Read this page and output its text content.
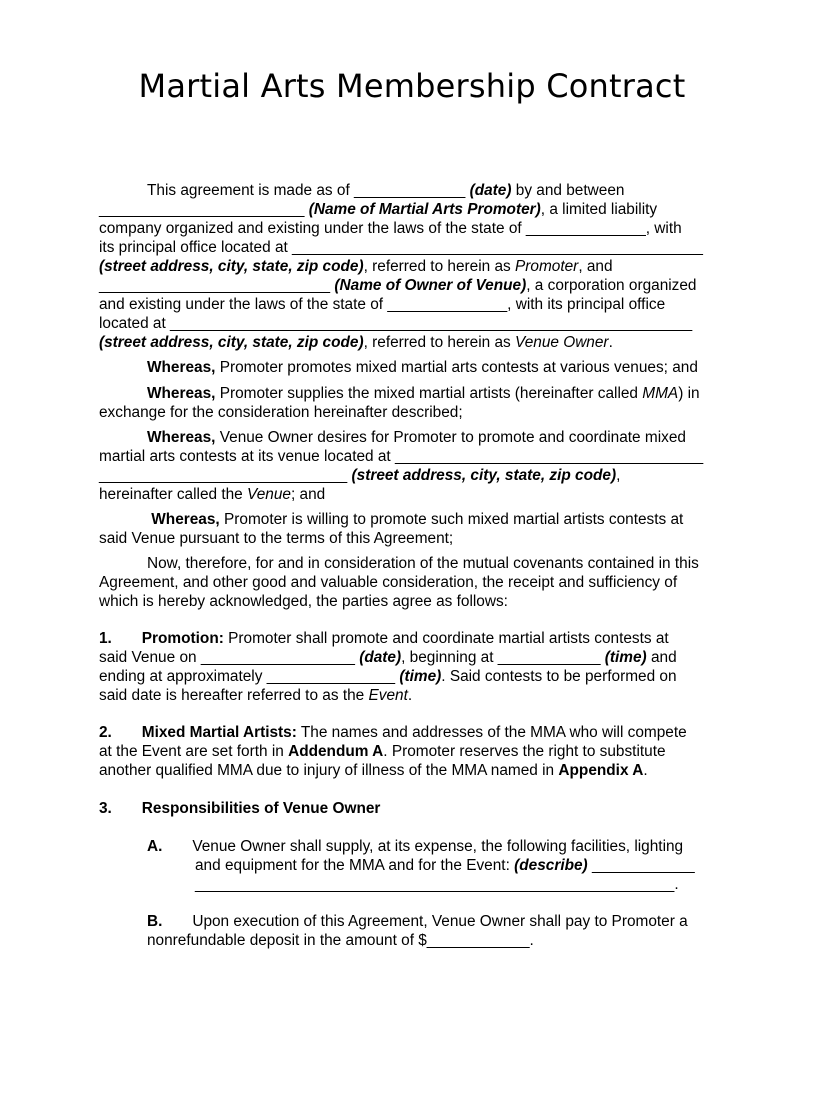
Martial Arts Membership Contract
This agreement is made as of _____________ (date) by and between
________________________ (Name of Martial Arts Promoter), a limited liability
company organized and existing under the laws of the state of ______________, with
its principal office located at ________________________________________________
(street address, city, state, zip code), referred to herein as Promoter, and
___________________________ (Name of Owner of Venue), a corporation organized
and existing under the laws of the state of ______________, with its principal office
located at _____________________________________________________________
(street address, city, state, zip code), referred to herein as Venue Owner.
Whereas, Promoter promotes mixed martial arts contests at various venues; and
Whereas, Promoter supplies the mixed martial artists (hereinafter called MMA) in
exchange for the consideration hereinafter described;
Whereas, Venue Owner desires for Promoter to promote and coordinate mixed
martial arts contests at its venue located at ____________________________________
_____________________________ (street address, city, state, zip code),
hereinafter called the Venue; and
Whereas, Promoter is willing to promote such mixed martial artists contests at
said Venue pursuant to the terms of this Agreement;
Now, therefore, for and in consideration of the mutual covenants contained in this
Agreement, and other good and valuable consideration, the receipt and sufficiency of
which is hereby acknowledged, the parties agree as follows:
1.       Promotion: Promoter shall promote and coordinate martial artists contests at
said Venue on __________________ (date), beginning at ____________ (time) and
ending at approximately _______________ (time). Said contests to be performed on
said date is hereafter referred to as the Event.
2.       Mixed Martial Artists: The names and addresses of the MMA who will compete
at the Event are set forth in Addendum A. Promoter reserves the right to substitute
another qualified MMA due to injury of illness of the MMA named in Appendix A.
3.       Responsibilities of Venue Owner
A.       Venue Owner shall supply, at its expense, the following facilities, lighting
and equipment for the MMA and for the Event: (describe) ____________
________________________________________________________.
B.       Upon execution of this Agreement, Venue Owner shall pay to Promoter a
nonrefundable deposit in the amount of $____________.
